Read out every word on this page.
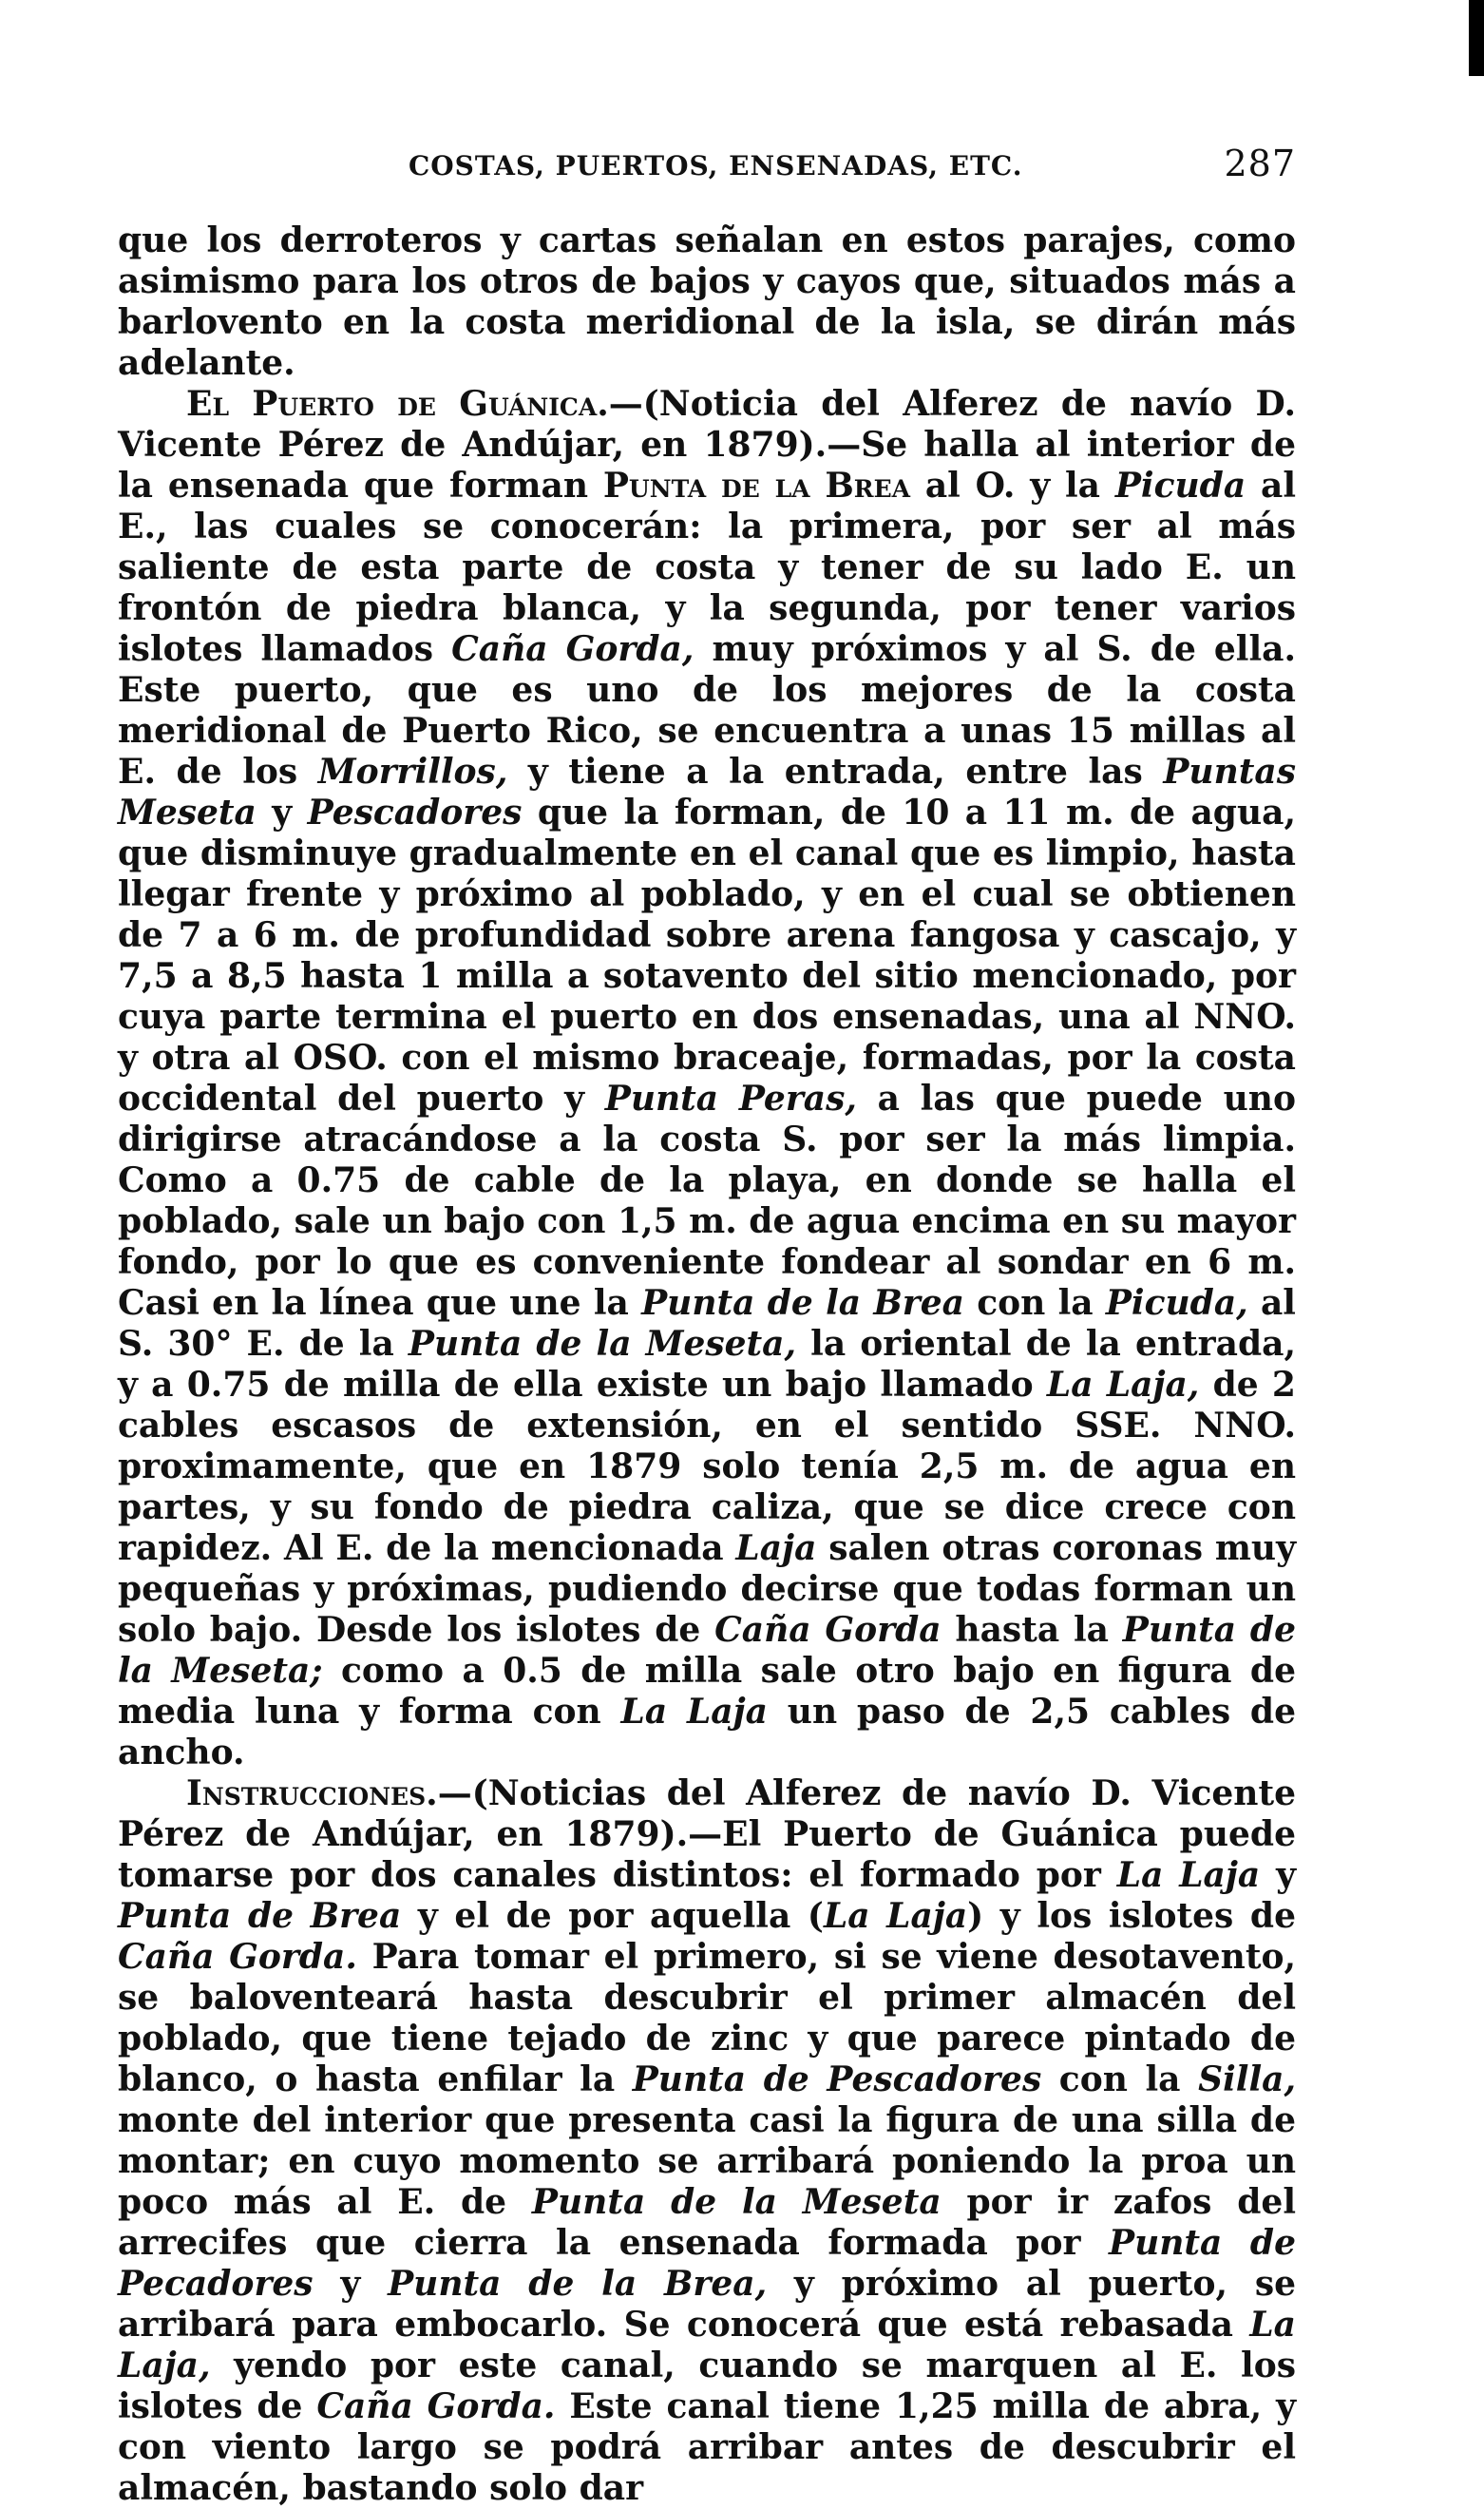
COSTAS, PUERTOS, ENSENADAS, ETC.	287

que los derroteros y cartas señalan en estos parajes, como asimismo para los otros de bajos y cayos que, situados más a barlovento en la costa meridional de la isla, se dirán más adelante.

El Puerto de Guánica.—(Noticia del Alferez de navío D. Vicente Pérez de Andújar, en 1879).—Se halla al interior de la ensenada que forman Punta de la Brea al O. y la Picuda al E., las cuales se conocerán: la primera, por ser al más saliente de esta parte de costa y tener de su lado E. un frontón de piedra blanca, y la segunda, por tener varios islotes llamados Caña Gorda, muy próximos y al S. de ella. Este puerto, que es uno de los mejores de la costa meridional de Puerto Rico, se encuentra a unas 15 millas al E. de los Morrillos, y tiene a la entrada, entre las Puntas Meseta y Pescadores que la forman, de 10 a 11 m. de agua, que disminuye gradualmente en el canal que es limpio, hasta llegar frente y próximo al poblado, y en el cual se obtienen de 7 a 6 m. de profundidad sobre arena fangosa y cascajo, y 7,5 a 8,5 hasta 1 milla a sotavento del sitio mencionado, por cuya parte termina el puerto en dos ensenadas, una al NNO. y otra al OSO. con el mismo braceaje, formadas, por la costa occidental del puerto y Punta Peras, a las que puede uno dirigirse atracándose a la costa S. por ser la más limpia. Como a 0.75 de cable de la playa, en donde se halla el poblado, sale un bajo con 1,5 m. de agua encima en su mayor fondo, por lo que es conveniente fondear al sondar en 6 m. Casi en la línea que une la Punta de la Brea con la Picuda, al S. 30° E. de la Punta de la Meseta, la oriental de la entrada, y a 0.75 de milla de ella existe un bajo llamado La Laja, de 2 cables escasos de extensión, en el sentido SSE. NNO. proximamente, que en 1879 solo tenía 2,5 m. de agua en partes, y su fondo de piedra caliza, que se dice crece con rapidez. Al E. de la mencionada Laja salen otras coronas muy pequeñas y próximas, pudiendo decirse que todas forman un solo bajo. Desde los islotes de Caña Gorda hasta la Punta de la Meseta; como a 0.5 de milla sale otro bajo en figura de media luna y forma con La Laja un paso de 2,5 cables de ancho.

Instrucciones.—(Noticias del Alferez de navío D. Vicente Pérez de Andújar, en 1879).—El Puerto de Guánica puede tomarse por dos canales distintos: el formado por La Laja y Punta de Brea y el de por aquella (La Laja) y los islotes de Caña Gorda. Para tomar el primero, si se viene desotavento, se baloventeará hasta descubrir el primer almacén del poblado, que tiene tejado de zinc y que parece pintado de blanco, o hasta enfilar la Punta de Pescadores con la Silla, monte del interior que presenta casi la figura de una silla de montar; en cuyo momento se arribará poniendo la proa un poco más al E. de Punta de la Meseta por ir zafos del arrecifes que cierra la ensenada formada por Punta de Pecadores y Punta de la Brea, y próximo al puerto, se arribará para embocarlo. Se conocerá que está rebasada La Laja, yendo por este canal, cuando se marquen al E. los islotes de Caña Gorda. Este canal tiene 1,25 milla de abra, y con viento largo se podrá arribar antes de descubrir el almacén, bastando solo dar
